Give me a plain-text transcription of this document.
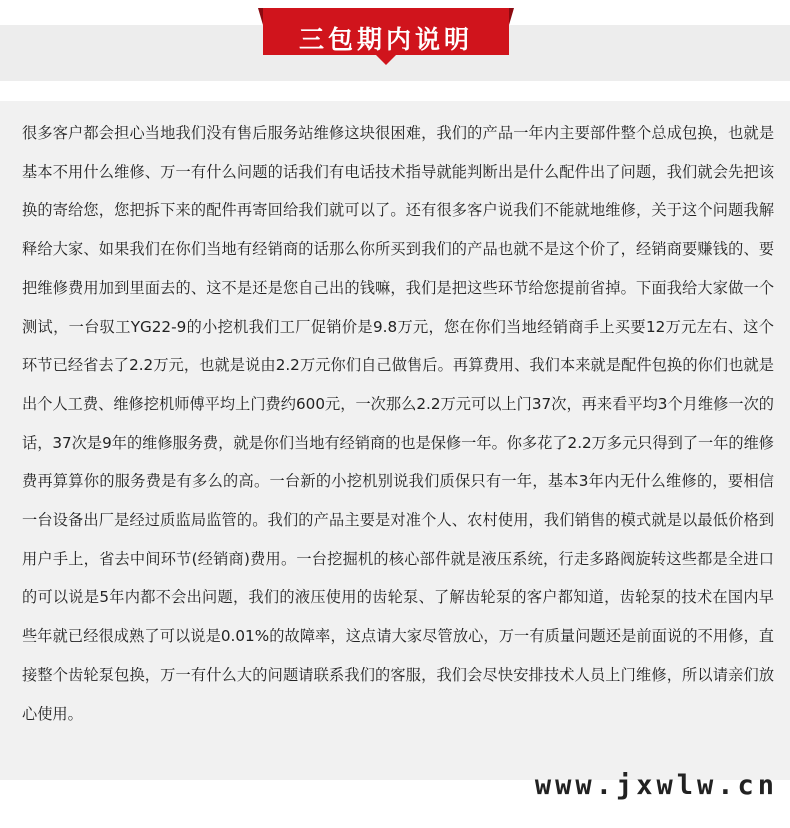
三包期内说明

很多客户都会担心当地我们没有售后服务站维修这块很困难，我们的产品一年内主要部件整个总成包换，也就是基本不用什么维修、万一有什么问题的话我们有电话技术指导就能判断出是什么配件出了问题，我们就会先把该换的寄给您，您把拆下来的配件再寄回给我们就可以了。还有很多客户说我们不能就地维修，关于这个问题我解释给大家、如果我们在你们当地有经销商的话那么你所买到我们的产品也就不是这个价了，经销商要赚钱的、要把维修费用加到里面去的、这不是还是您自己出的钱嘛，我们是把这些环节给您提前省掉。下面我给大家做一个测试，一台驭工YG22-9的小挖机我们工厂促销价是9.8万元，您在你们当地经销商手上买要12万元左右、这个环节已经省去了2.2万元，也就是说由2.2万元你们自己做售后。再算费用、我们本来就是配件包换的你们也就是出个人工费、维修挖机师傅平均上门费约600元，一次那么2.2万元可以上门37次，再来看平均3个月维修一次的话，37次是9年的维修服务费，就是你们当地有经销商的也是保修一年。你多花了2.2万多元只得到了一年的维修费再算算你的服务费是有多么的高。一台新的小挖机别说我们质保只有一年，基本3年内无什么维修的，要相信一台设备出厂是经过质监局监管的。我们的产品主要是对准个人、农村使用，我们销售的模式就是以最低价格到用户手上，省去中间环节(经销商)费用。一台挖掘机的核心部件就是液压系统，行走多路阀旋转这些都是全进口的可以说是5年内都不会出问题，我们的液压使用的齿轮泵、了解齿轮泵的客户都知道，齿轮泵的技术在国内早些年就已经很成熟了可以说是0.01%的故障率，这点请大家尽管放心，万一有质量问题还是前面说的不用修，直接整个齿轮泵包换，万一有什么大的问题请联系我们的客服，我们会尽快安排技术人员上门维修，所以请亲们放心使用。

www.jxwlw.cn
